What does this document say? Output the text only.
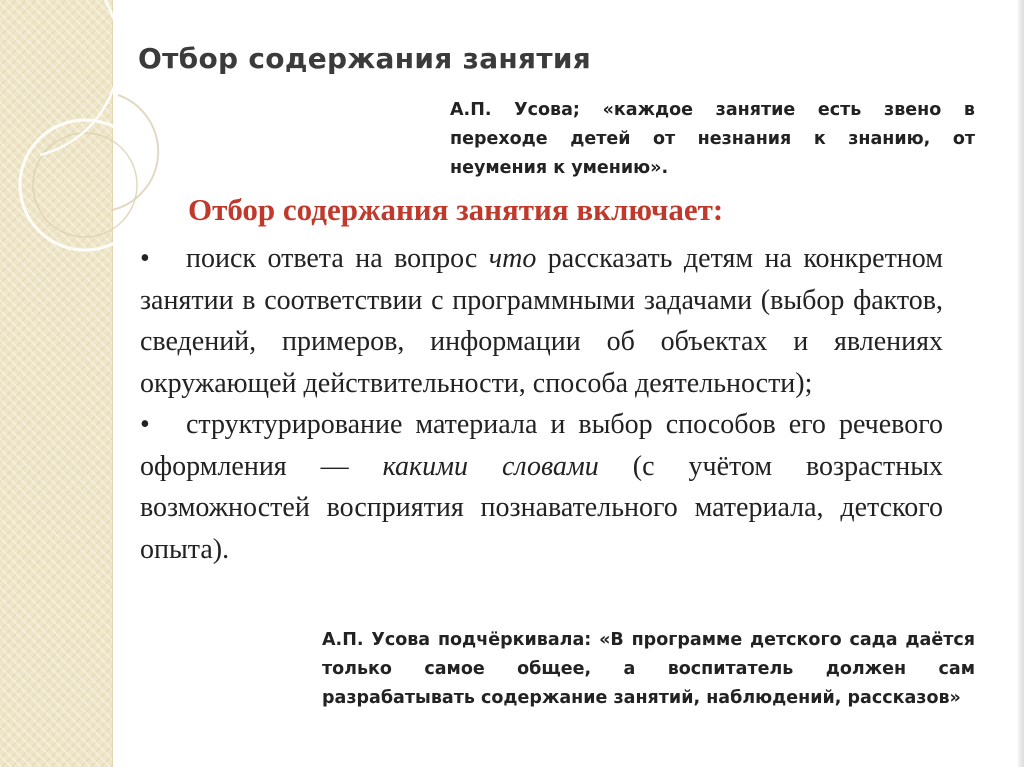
Отбор содержания занятия
А.П. Усова; «каждое занятие есть звено в переходе детей от незнания к знанию, от неумения к умению».
Отбор содержания занятия включает:
• поиск ответа на вопрос что рассказать детям на конкретном занятии в соответствии с программными задачами (выбор фактов, сведений, примеров, информации об объектах и явлениях окружающей действительности, способа деятельности);
• структурирование материала и выбор способов его речевого оформления — какими словами (с учётом возрастных возможностей восприятия познавательного материала, детского опыта).
А.П. Усова подчёркивала: «В программе детского сада даётся только самое общее, а воспитатель должен сам разрабатывать содержание занятий, наблюдений, рассказов»
